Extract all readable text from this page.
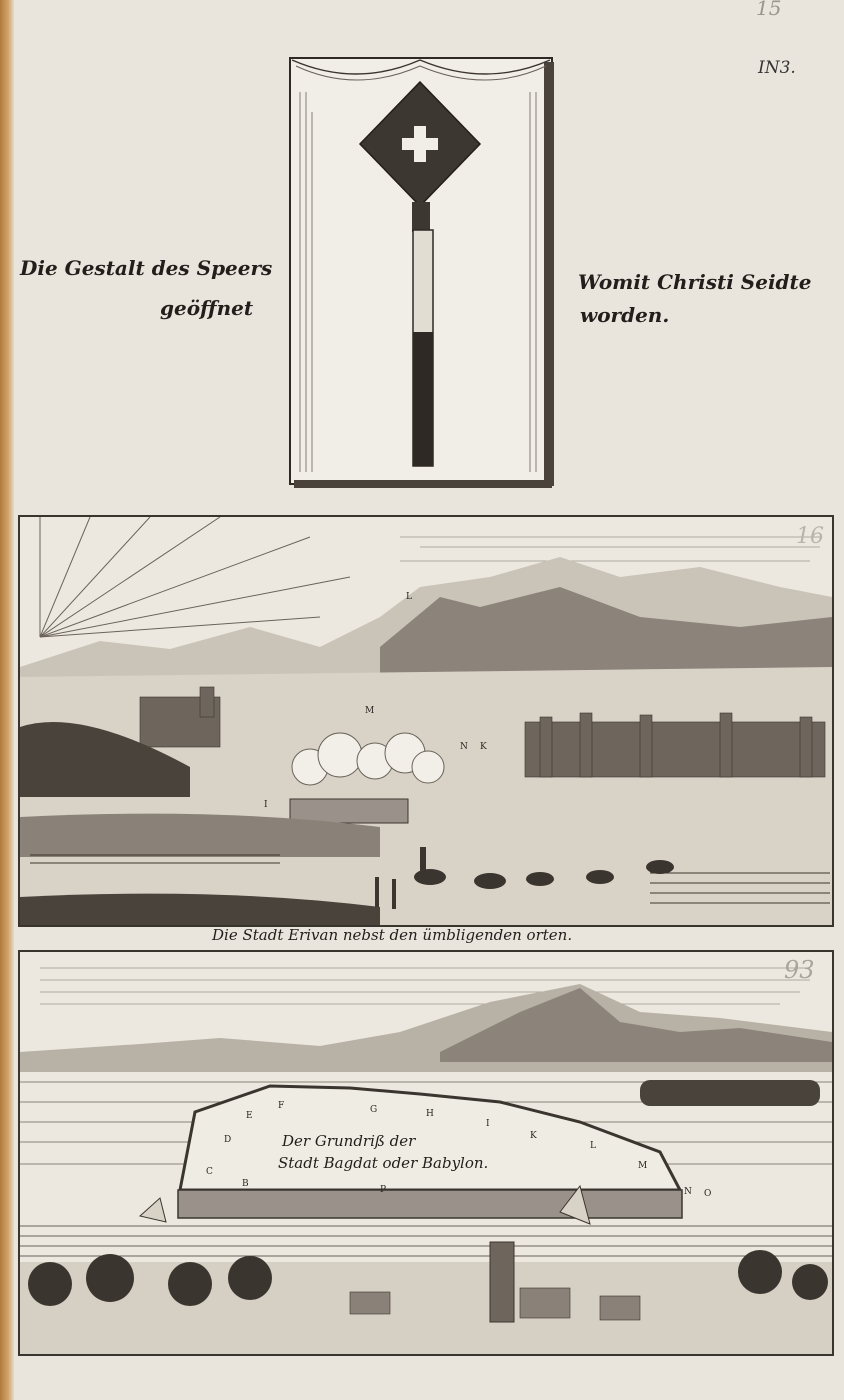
15
IN3.
Die Gestalt des Speers
geöffnet
Womit Christi Seidte
worden.
L
M
N K
I
16
Die Stadt Erivan nebst den ümbligenden orten.
Der Grundriß der
Stadt Bagdat oder Babylon.
D
E
F	G	H
I
K
L
M
N O
B
P
C
93
